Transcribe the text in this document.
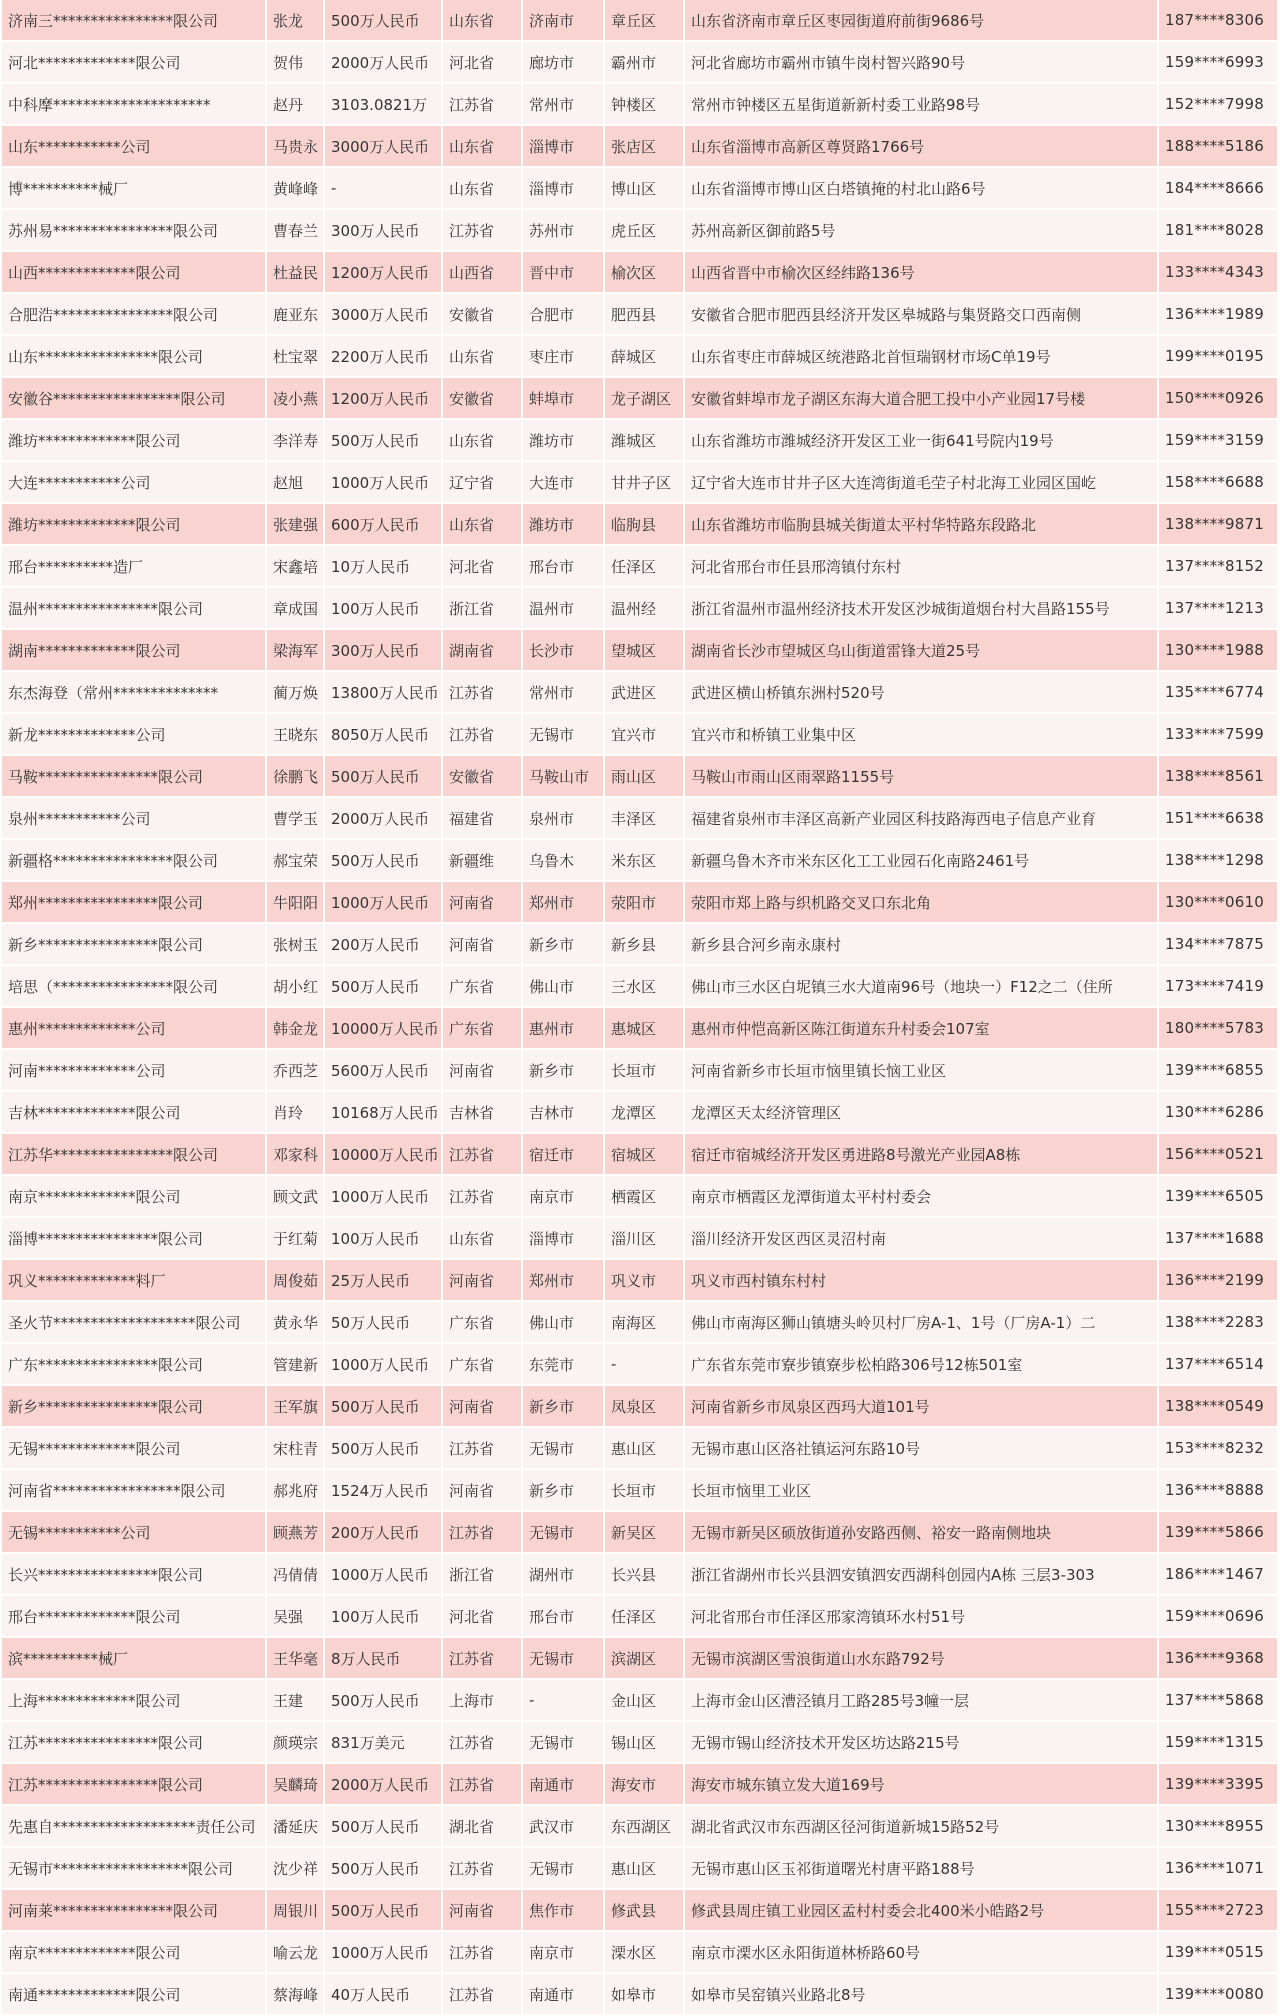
济南三****************限公司	张龙	500万人民币	山东省	济南市	章丘区	山东省济南市章丘区枣园街道府前街9686号	187****8306
河北*************限公司	贺伟	2000万人民币	河北省	廊坊市	霸州市	河北省廊坊市霸州市镇牛岗村智兴路90号	159****6993
中科摩*********************	赵丹	3103.0821万	江苏省	常州市	钟楼区	常州市钟楼区五星街道新新村委工业路98号	152****7998
山东***********公司	马贵永	3000万人民币	山东省	淄博市	张店区	山东省淄博市高新区尊贤路1766号	188****5186
博**********械厂	黄峰峰	-	山东省	淄博市	博山区	山东省淄博市博山区白塔镇掩的村北山路6号	184****8666
苏州易****************限公司	曹春兰	300万人民币	江苏省	苏州市	虎丘区	苏州高新区御前路5号	181****8028
山西*************限公司	杜益民	1200万人民币	山西省	晋中市	榆次区	山西省晋中市榆次区经纬路136号	133****4343
合肥浩****************限公司	鹿亚东	3000万人民币	安徽省	合肥市	肥西县	安徽省合肥市肥西县经济开发区皋城路与集贤路交口西南侧	136****1989
山东****************限公司	杜宝翠	2200万人民币	山东省	枣庄市	薛城区	山东省枣庄市薛城区统港路北首恒瑞钢材市场C单19号	199****0195
安徽谷*****************限公司	凌小燕	1200万人民币	安徽省	蚌埠市	龙子湖区	安徽省蚌埠市龙子湖区东海大道合肥工投中小产业园17号楼	150****0926
潍坊*************限公司	李洋寿	500万人民币	山东省	潍坊市	潍城区	山东省潍坊市潍城经济开发区工业一街641号院内19号	159****3159
大连***********公司	赵旭	1000万人民币	辽宁省	大连市	甘井子区	辽宁省大连市甘井子区大连湾街道毛茔子村北海工业园区国屹	158****6688
潍坊*************限公司	张建强	600万人民币	山东省	潍坊市	临朐县	山东省潍坊市临朐县城关街道太平村华特路东段路北	138****9871
邢台**********造厂	宋鑫培	10万人民币	河北省	邢台市	任泽区	河北省邢台市任县邢湾镇付东村	137****8152
温州****************限公司	章成国	100万人民币	浙江省	温州市	温州经	浙江省温州市温州经济技术开发区沙城街道烟台村大昌路155号	137****1213
湖南*************限公司	梁海军	300万人民币	湖南省	长沙市	望城区	湖南省长沙市望城区乌山街道雷锋大道25号	130****1988
东杰海登（常州**************	蔺万焕	13800万人民币	江苏省	常州市	武进区	武进区横山桥镇东洲村520号	135****6774
新龙*************公司	王晓东	8050万人民币	江苏省	无锡市	宜兴市	宜兴市和桥镇工业集中区	133****7599
马鞍****************限公司	徐鹏飞	500万人民币	安徽省	马鞍山市	雨山区	马鞍山市雨山区雨翠路1155号	138****8561
泉州***********公司	曹学玉	2000万人民币	福建省	泉州市	丰泽区	福建省泉州市丰泽区高新产业园区科技路海西电子信息产业育	151****6638
新疆格****************限公司	郝宝荣	500万人民币	新疆维	乌鲁木	米东区	新疆乌鲁木齐市米东区化工工业园石化南路2461号	138****1298
郑州****************限公司	牛阳阳	1000万人民币	河南省	郑州市	荥阳市	荥阳市郑上路与织机路交叉口东北角	130****0610
新乡****************限公司	张树玉	200万人民币	河南省	新乡市	新乡县	新乡县合河乡南永康村	134****7875
培思（****************限公司	胡小红	500万人民币	广东省	佛山市	三水区	佛山市三水区白坭镇三水大道南96号（地块一）F12之二（住所	173****7419
惠州*************公司	韩金龙	10000万人民币	广东省	惠州市	惠城区	惠州市仲恺高新区陈江街道东升村委会107室	180****5783
河南*************公司	乔西芝	5600万人民币	河南省	新乡市	长垣市	河南省新乡市长垣市恼里镇长恼工业区	139****6855
吉林*************限公司	肖玲	10168万人民币	吉林省	吉林市	龙潭区	龙潭区天太经济管理区	130****6286
江苏华****************限公司	邓家科	10000万人民币	江苏省	宿迁市	宿城区	宿迁市宿城经济开发区勇进路8号激光产业园A8栋	156****0521
南京*************限公司	顾文武	1000万人民币	江苏省	南京市	栖霞区	南京市栖霞区龙潭街道太平村村委会	139****6505
淄博****************限公司	于红菊	100万人民币	山东省	淄博市	淄川区	淄川经济开发区西区灵沼村南	137****1688
巩义*************料厂	周俊茹	25万人民币	河南省	郑州市	巩义市	巩义市西村镇东村村	136****2199
圣火节*******************限公司	黄永华	50万人民币	广东省	佛山市	南海区	佛山市南海区狮山镇塘头岭贝村厂房A-1、1号（厂房A-1）二	138****2283
广东****************限公司	管建新	1000万人民币	广东省	东莞市	-	广东省东莞市寮步镇寮步松柏路306号12栋501室	137****6514
新乡****************限公司	王军旗	500万人民币	河南省	新乡市	凤泉区	河南省新乡市凤泉区西玛大道101号	138****0549
无锡*************限公司	宋柱青	500万人民币	江苏省	无锡市	惠山区	无锡市惠山区洛社镇运河东路10号	153****8232
河南省*****************限公司	郝兆府	1524万人民币	河南省	新乡市	长垣市	长垣市恼里工业区	136****8888
无锡***********公司	顾燕芳	200万人民币	江苏省	无锡市	新吴区	无锡市新吴区硕放街道孙安路西侧、裕安一路南侧地块	139****5866
长兴****************限公司	冯倩倩	1000万人民币	浙江省	湖州市	长兴县	浙江省湖州市长兴县泗安镇泗安西湖科创园内A栋 三层3-303	186****1467
邢台*************限公司	吴强	100万人民币	河北省	邢台市	任泽区	河北省邢台市任泽区邢家湾镇环水村51号	159****0696
滨**********械厂	王华毫	8万人民币	江苏省	无锡市	滨湖区	无锡市滨湖区雪浪街道山水东路792号	136****9368
上海*************限公司	王建	500万人民币	上海市	-	金山区	上海市金山区漕泾镇月工路285号3幢一层	137****5868
江苏****************限公司	颜瑛宗	831万美元	江苏省	无锡市	锡山区	无锡市锡山经济技术开发区坊达路215号	159****1315
江苏****************限公司	吴麟琦	2000万人民币	江苏省	南通市	海安市	海安市城东镇立发大道169号	139****3395
先惠自*******************责任公司	潘延庆	500万人民币	湖北省	武汉市	东西湖区	湖北省武汉市东西湖区径河街道新城15路52号	130****8955
无锡市******************限公司	沈少祥	500万人民币	江苏省	无锡市	惠山区	无锡市惠山区玉祁街道曙光村唐平路188号	136****1071
河南莱****************限公司	周银川	500万人民币	河南省	焦作市	修武县	修武县周庄镇工业园区孟村村委会北400米小皓路2号	155****2723
南京*************限公司	喻云龙	1000万人民币	江苏省	南京市	溧水区	南京市溧水区永阳街道林桥路60号	139****0515
南通*************限公司	蔡海峰	40万人民币	江苏省	南通市	如皋市	如皋市吴窑镇兴业路北8号	139****0080
